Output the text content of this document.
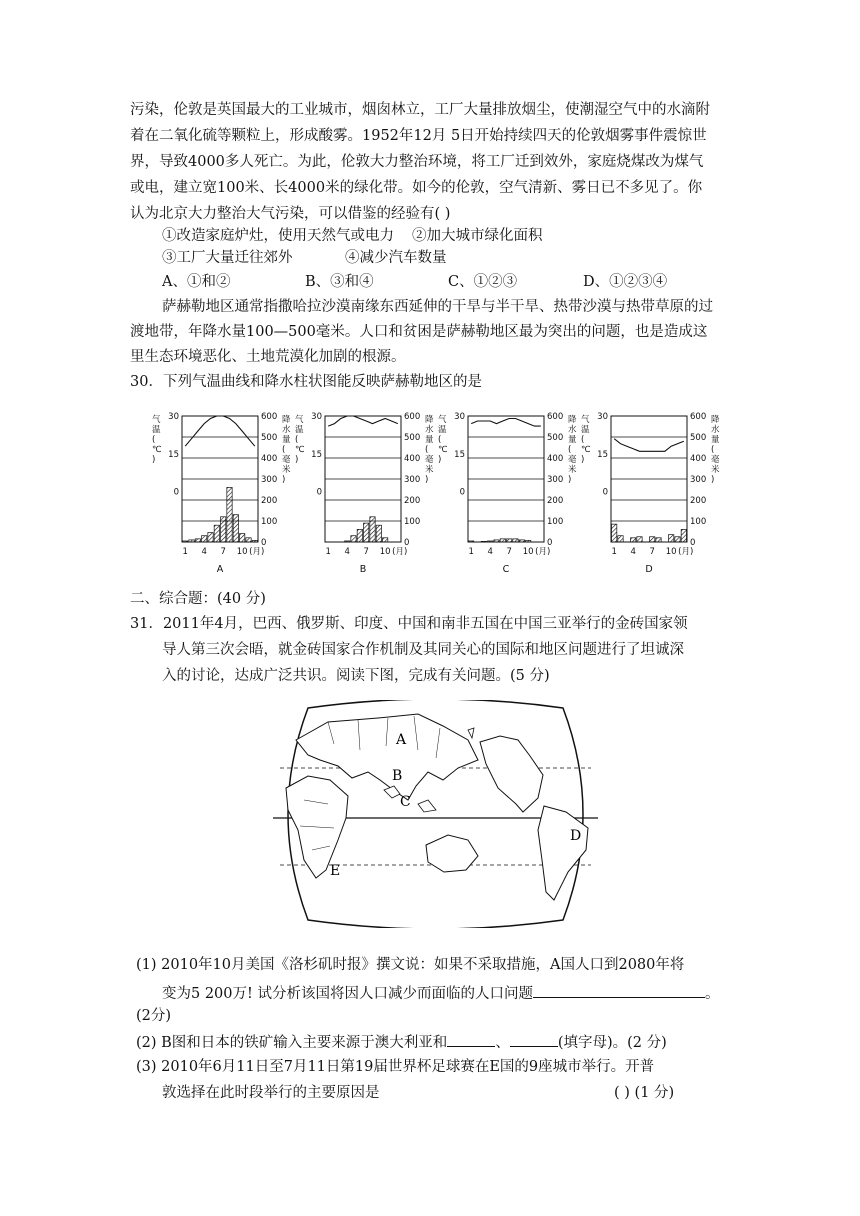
污染，伦敦是英国最大的工业城市，烟囱林立，工厂大量排放烟尘，使潮湿空气中的水滴附
着在二氧化硫等颗粒上，形成酸雾。1952年12月 5日开始持续四天的伦敦烟雾事件震惊世
界，导致4000多人死亡。为此，伦敦大力整治环境，将工厂迁到效外，家庭烧煤改为煤气
或电，建立宽100米、长4000米的绿化带。如今的伦敦，空气清新、雾日已不多见了。你
认为北京大力整治大气污染，可以借鉴的经验有( )
①改造家庭炉灶，使用天然气或电力 ②加大城市绿化面积
③工厂大量迁往郊外	④减少汽车数量
A、①和②	B、③和④	C、①②③	D、①②③④
萨赫勒地区通常指撒哈拉沙漠南缘东西延伸的干旱与半干旱、热带沙漠与热带草原的过
渡地带，年降水量100—500毫米。人口和贫困是萨赫勒地区最为突出的问题，也是造成这
里生态环境恶化、土地荒漠化加剧的根源。
30．下列气温曲线和降水柱状图能反映萨赫勒地区的是
600
500
400
300
200
100
0
30
15
0
气
温
(
℃
)
降
水
量
(
毫
米
)
1 4 7 10 (月)
A
600
500
400
300
200
100
0
30
15
0
气
温
(
℃
)
降
水
量
(
毫
米
)
1 4 7 10 (月)
B
600
500
400
300
200
100
0
30
15
0
气
温
(
℃
)
降
水
量
(
毫
米
)
1 4 7 10 (月)
C
600
500
400
300
200
100
0
30
15
0
气
温
(
℃
)
降
水
量
(
毫
米
)
1 4 7 10 (月)
D
二、综合题：(40 分)
31．2011年4月，巴西、俄罗斯、印度、中国和南非五国在中国三亚举行的金砖国家领
导人第三次会晤，就金砖国家合作机制及其同关心的国际和地区问题进行了坦诚深
入的讨论，达成广泛共识。阅读下图，完成有关问题。(5 分)
A
B
C
D
E
(1) 2010年10月美国《洛杉矶时报》撰文说：如果不采取措施，A国人口到2080年将
变为5 200万! 试分析该国将因人口减少而面临的人口问题	。
(2分)
(2) B图和日本的铁矿输入主要来源于澳大利亚和	、	(填字母)。(2 分)
(3) 2010年6月11日至7月11日第19届世界杯足球赛在E国的9座城市举行。开普
敦选择在此时段举行的主要原因是	( ) (1 分)
